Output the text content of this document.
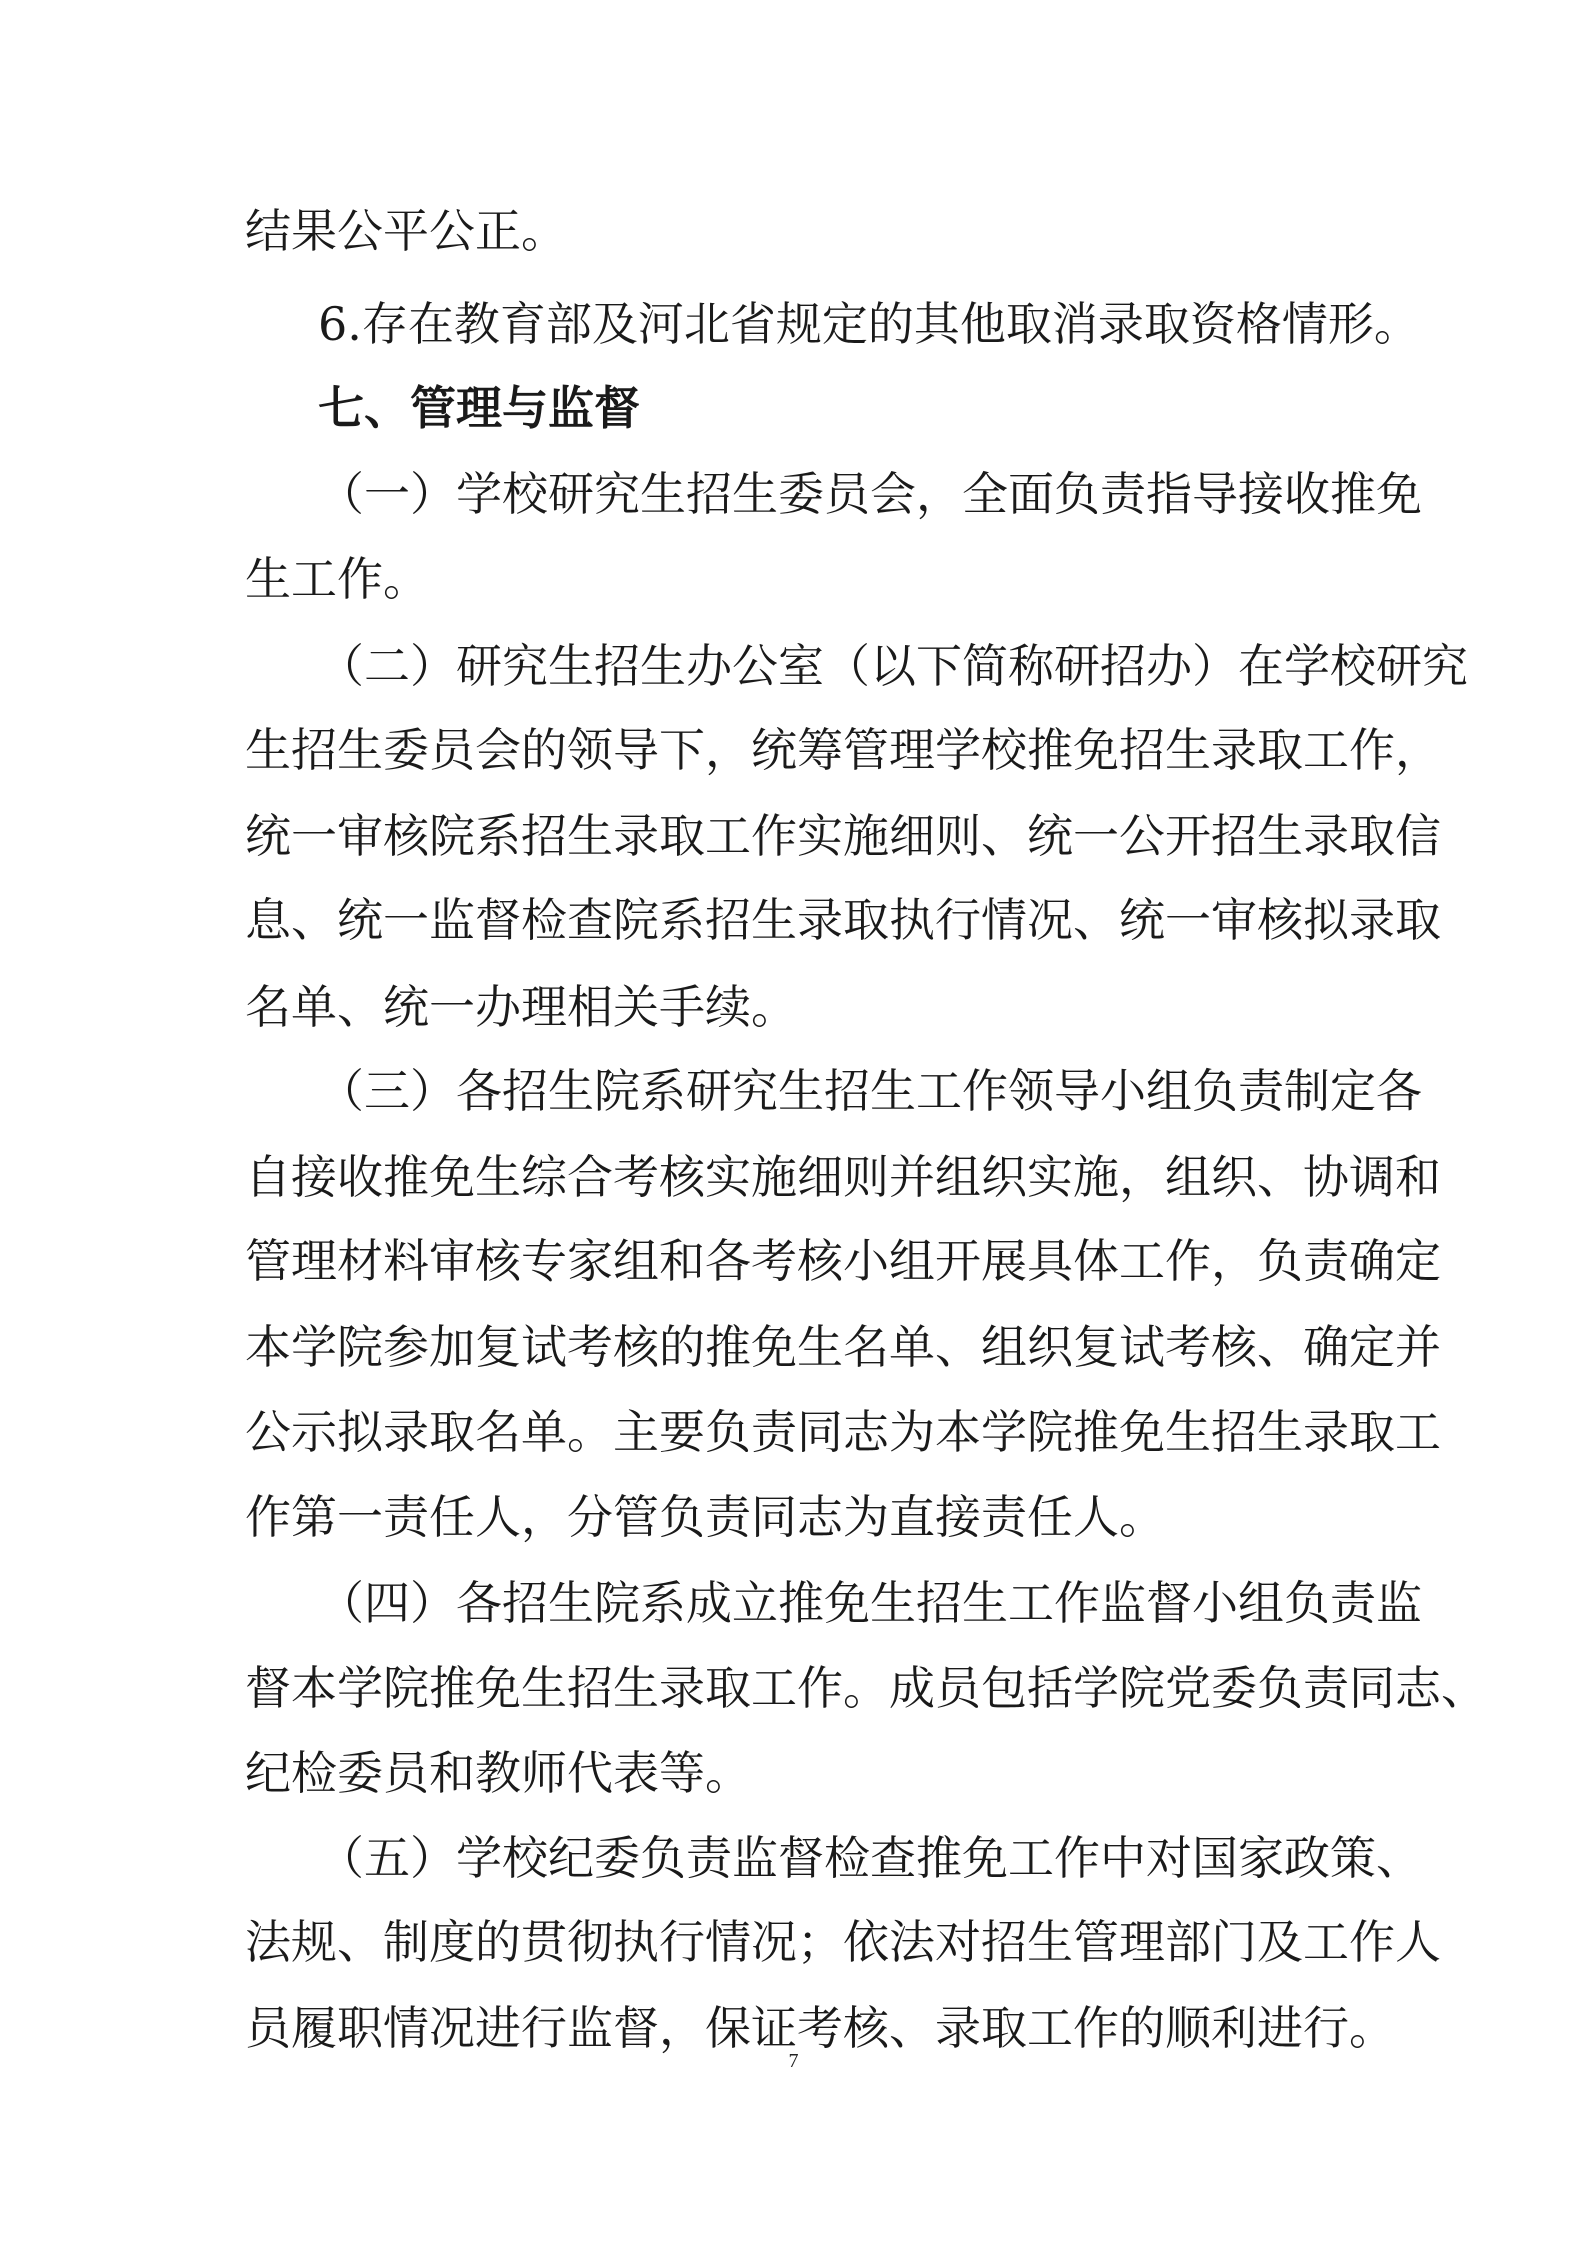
结果公平公正。
6.存在教育部及河北省规定的其他取消录取资格情形。
七、管理与监督
（一）学校研究生招生委员会，全面负责指导接收推免
生工作。
（二）研究生招生办公室（以下简称研招办）在学校研究
生招生委员会的领导下，统筹管理学校推免招生录取工作，
统一审核院系招生录取工作实施细则、统一公开招生录取信
息、统一监督检查院系招生录取执行情况、统一审核拟录取
名单、统一办理相关手续。
（三）各招生院系研究生招生工作领导小组负责制定各
自接收推免生综合考核实施细则并组织实施，组织、协调和
管理材料审核专家组和各考核小组开展具体工作，负责确定
本学院参加复试考核的推免生名单、组织复试考核、确定并
公示拟录取名单。主要负责同志为本学院推免生招生录取工
作第一责任人，分管负责同志为直接责任人。
（四）各招生院系成立推免生招生工作监督小组负责监
督本学院推免生招生录取工作。成员包括学院党委负责同志、
纪检委员和教师代表等。
（五）学校纪委负责监督检查推免工作中对国家政策、
法规、制度的贯彻执行情况；依法对招生管理部门及工作人
员履职情况进行监督，保证考核、录取工作的顺利进行。
7
